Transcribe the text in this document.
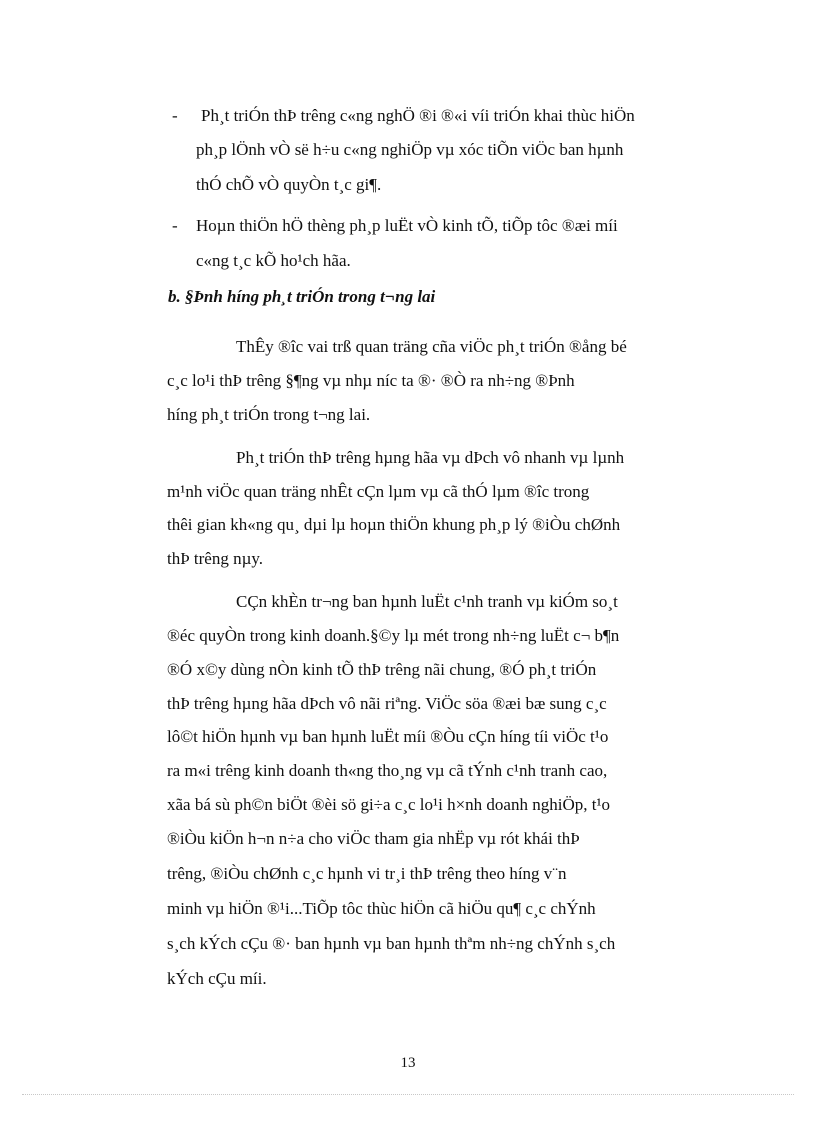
- Ph¸t triÓn thÞ trêng c«ng nghÖ ®i ®«i víi triÓn khai thùc hiÖn
ph¸p lÖnh vÒ së h÷u c«ng nghiÖp vµ xóc tiÕn viÖc ban hµnh
thÓ chÕ vÒ quyÒn t¸c gi¶.
- Hoµn thiÖn hÖ thèng ph¸p luËt vÒ kinh tÕ, tiÕp tôc ®æi míi
c«ng t¸c kÕ ho¹ch hãa.
b. §Þnh híng ph¸t triÓn trong t¬ng lai
ThÊy ®îc vai trß quan träng cña viÖc ph¸t triÓn ®ång bé
c¸c lo¹i thÞ trêng §¶ng vµ nhµ níc ta ®· ®Ò ra nh÷ng ®Þnh
híng ph¸t triÓn trong t¬ng lai.
Ph¸t triÓn thÞ trêng hµng hãa vµ dÞch vô nhanh vµ lµnh
m¹nh viÖc quan träng nhÊt cÇn lµm vµ cã thÓ lµm ®îc trong
thêi gian kh«ng qu¸ dµi lµ hoµn thiÖn khung ph¸p lý ®iÒu chØnh
thÞ trêng nµy.
CÇn khÈn tr¬ng ban hµnh luËt c¹nh tranh vµ kiÓm so¸t
®éc quyÒn trong kinh doanh.§©y lµ mét trong nh÷ng luËt c¬ b¶n
®Ó x©y dùng nÒn kinh tÕ thÞ trêng nãi chung, ®Ó ph¸t triÓn
thÞ trêng hµng hãa dÞch vô nãi riªng. ViÖc söa ®æi bæ sung c¸c
lô©t hiÖn hµnh vµ ban hµnh luËt míi ®Òu cÇn híng tíi viÖc t¹o
ra m«i trêng kinh doanh th«ng tho¸ng vµ cã tÝnh c¹nh tranh cao,
xãa bá sù ph©n biÖt ®èi sö gi÷a c¸c lo¹i h×nh doanh nghiÖp, t¹o
®iÒu kiÖn h¬n n÷a cho viÖc tham gia nhËp vµ rót khái thÞ
trêng, ®iÒu chØnh c¸c hµnh vi tr¸i thÞ trêng theo híng v¨n
minh vµ hiÖn ®¹i...TiÕp tôc thùc hiÖn cã hiÖu qu¶ c¸c chÝnh
s¸ch kÝch cÇu ®· ban hµnh vµ ban hµnh thªm nh÷ng chÝnh s¸ch
kÝch cÇu míi.
13
